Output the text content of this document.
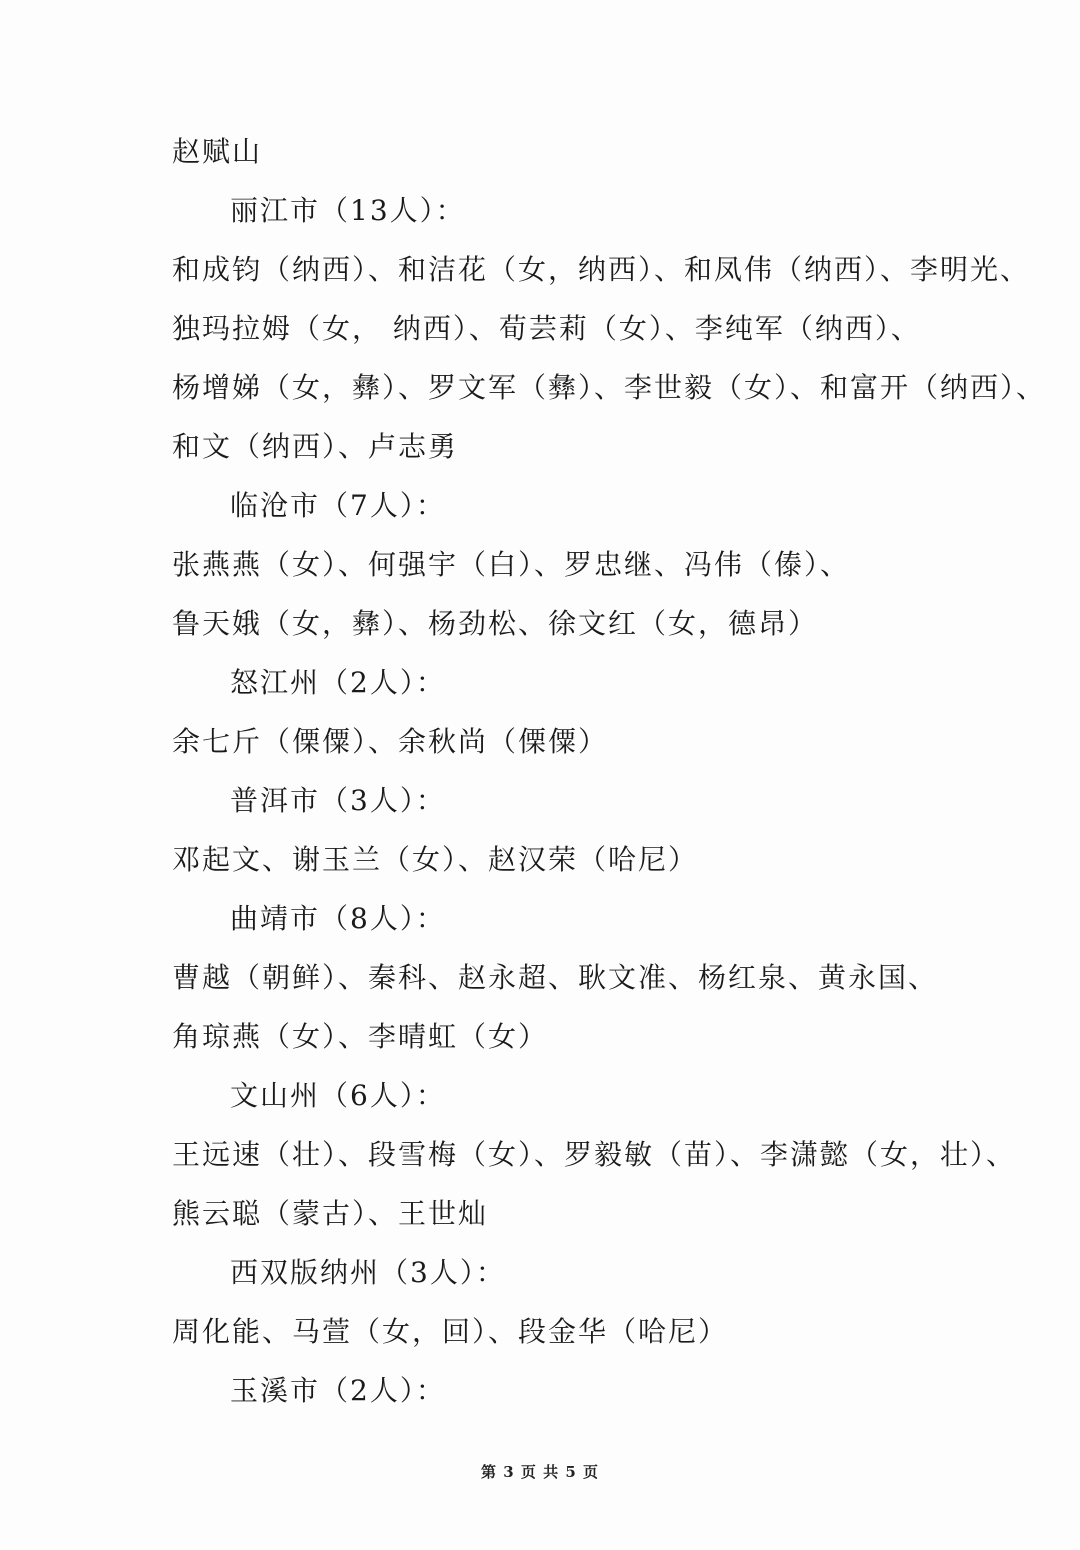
赵赋山
丽江市（13人）：
和成钧（纳西）、和洁花（女，纳西）、和凤伟（纳西）、李明光、
独玛拉姆（女， 纳西）、荀芸莉（女）、李纯军（纳西）、
杨增娣（女，彝）、罗文军（彝）、李世毅（女）、和富开（纳西）、
和文（纳西）、卢志勇
临沧市（7人）：
张燕燕（女）、何强宇（白）、罗忠继、冯伟（傣）、
鲁天娥（女，彝）、杨劲松、徐文红（女，德昂）
怒江州（2人）：
余七斤（傈僳）、余秋尚（傈僳）
普洱市（3人）：
邓起文、谢玉兰（女）、赵汉荣（哈尼）
曲靖市（8人）：
曹越（朝鲜）、秦科、赵永超、耿文准、杨红泉、黄永国、
角琼燕（女）、李晴虹（女）
文山州（6人）：
王远速（壮）、段雪梅（女）、罗毅敏（苗）、李潇懿（女，壮）、
熊云聪（蒙古）、王世灿
西双版纳州（3人）：
周化能、马萱（女，回）、段金华（哈尼）
玉溪市（2人）：
第 3 页 共 5 页
